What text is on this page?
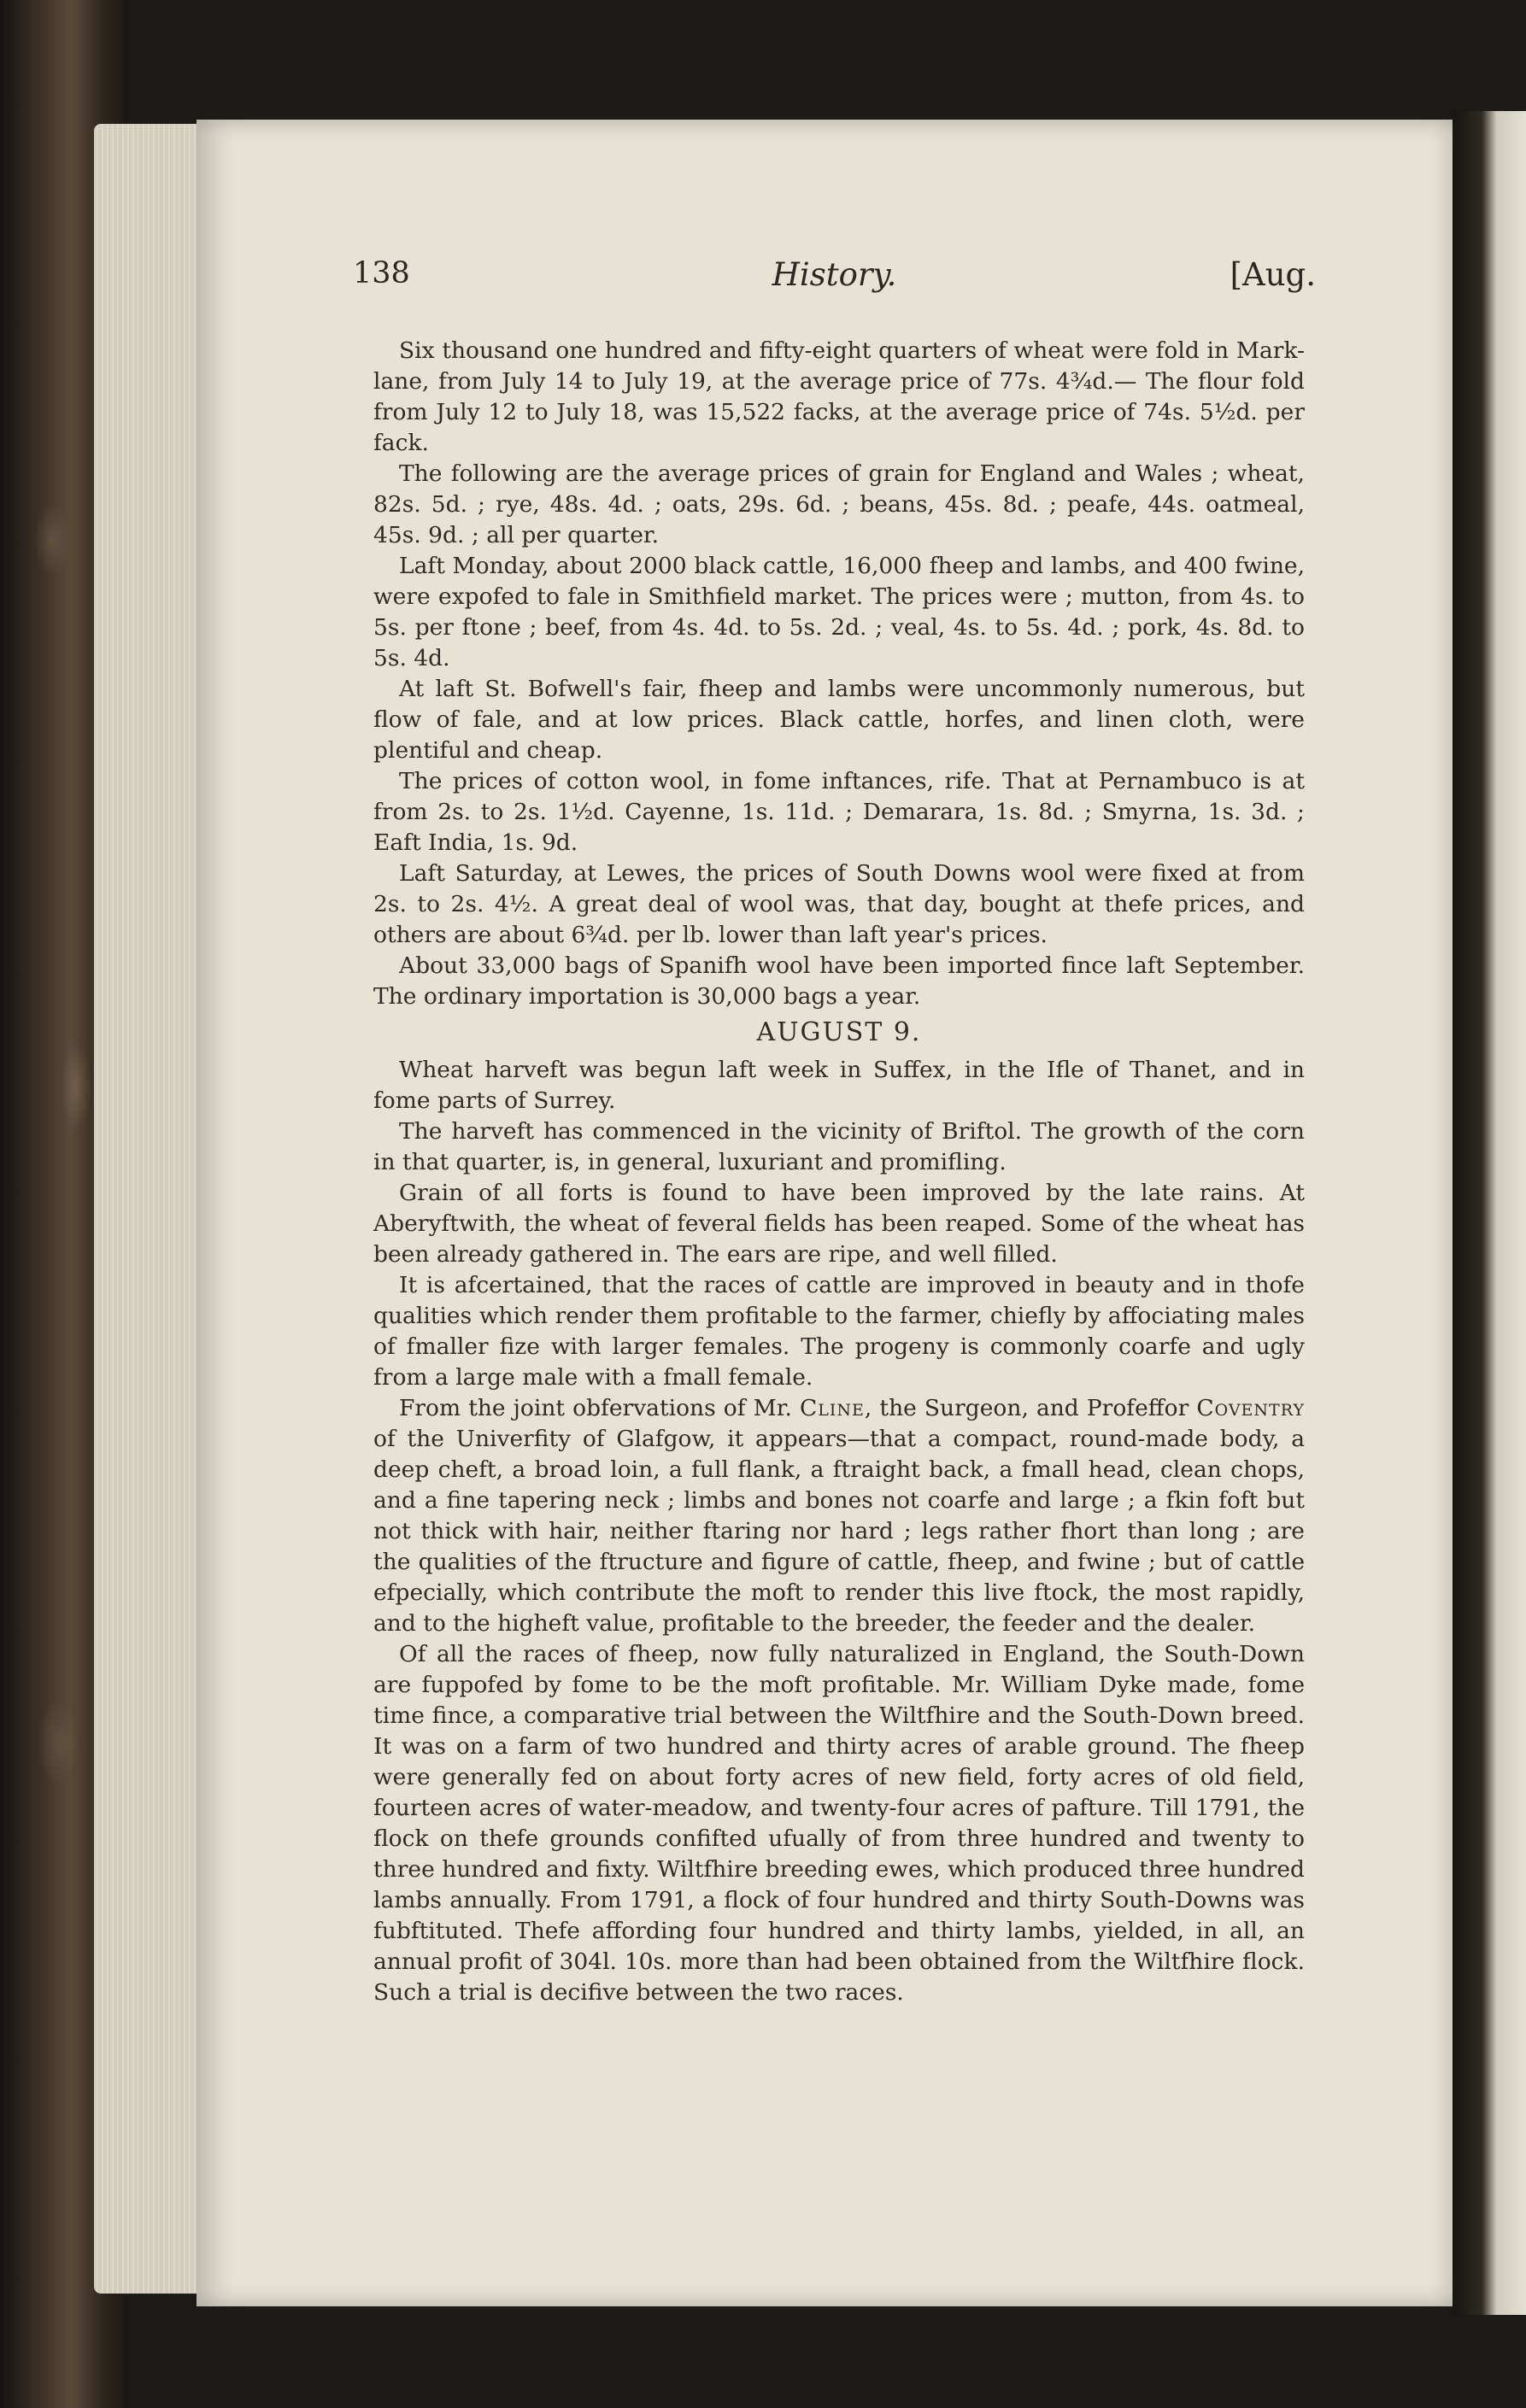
138	History.	[Aug.

Six thousand one hundred and fifty-eight quarters of wheat were fold in Mark-lane, from July 14 to July 19, at the average price of 77s. 4¾d.— The flour fold from July 12 to July 18, was 15,522 facks, at the average price of 74s. 5½d. per fack.

The following are the average prices of grain for England and Wales ; wheat, 82s. 5d. ; rye, 48s. 4d. ; oats, 29s. 6d. ; beans, 45s. 8d. ; peafe, 44s. oatmeal, 45s. 9d. ; all per quarter.

Laft Monday, about 2000 black cattle, 16,000 fheep and lambs, and 400 fwine, were expofed to fale in Smithfield market. The prices were ; mutton, from 4s. to 5s. per ftone ; beef, from 4s. 4d. to 5s. 2d. ; veal, 4s. to 5s. 4d. ; pork, 4s. 8d. to 5s. 4d.

At laft St. Bofwell's fair, fheep and lambs were uncommonly numerous, but flow of fale, and at low prices. Black cattle, horfes, and linen cloth, were plentiful and cheap.

The prices of cotton wool, in fome inftances, rife. That at Pernambuco is at from 2s. to 2s. 1½d. Cayenne, 1s. 11d. ; Demarara, 1s. 8d. ; Smyrna, 1s. 3d. ; Eaft India, 1s. 9d.

Laft Saturday, at Lewes, the prices of South Downs wool were fixed at from 2s. to 2s. 4½. A great deal of wool was, that day, bought at thefe prices, and others are about 6¾d. per lb. lower than laft year's prices.

About 33,000 bags of Spanifh wool have been imported fince laft September. The ordinary importation is 30,000 bags a year.

AUGUST 9.

Wheat harveft was begun laft week in Suffex, in the Ifle of Thanet, and in fome parts of Surrey.

The harveft has commenced in the vicinity of Briftol. The growth of the corn in that quarter, is, in general, luxuriant and promifling.

Grain of all forts is found to have been improved by the late rains. At Aberyftwith, the wheat of feveral fields has been reaped. Some of the wheat has been already gathered in. The ears are ripe, and well filled.

It is afcertained, that the races of cattle are improved in beauty and in thofe qualities which render them profitable to the farmer, chiefly by affociating males of fmaller fize with larger females. The progeny is commonly coarfe and ugly from a large male with a fmall female.

From the joint obfervations of Mr. Cline, the Surgeon, and Profeffor Coventry of the Univerfity of Glafgow, it appears—that a compact, round-made body, a deep cheft, a broad loin, a full flank, a ftraight back, a fmall head, clean chops, and a fine tapering neck ; limbs and bones not coarfe and large ; a fkin foft but not thick with hair, neither ftaring nor hard ; legs rather fhort than long ; are the qualities of the ftructure and figure of cattle, fheep, and fwine ; but of cattle efpecially, which contribute the moft to render this live ftock, the most rapidly, and to the higheft value, profitable to the breeder, the feeder and the dealer.

Of all the races of fheep, now fully naturalized in England, the South-Down are fuppofed by fome to be the moft profitable. Mr. William Dyke made, fome time fince, a comparative trial between the Wiltfhire and the South-Down breed. It was on a farm of two hundred and thirty acres of arable ground. The fheep were generally fed on about forty acres of new field, forty acres of old field, fourteen acres of water-meadow, and twenty-four acres of pafture. Till 1791, the flock on thefe grounds confifted ufually of from three hundred and twenty to three hundred and fixty. Wiltfhire breeding ewes, which produced three hundred lambs annually. From 1791, a flock of four hundred and thirty South-Downs was fubftituted. Thefe affording four hundred and thirty lambs, yielded, in all, an annual profit of 304l. 10s. more than had been obtained from the Wiltfhire flock. Such a trial is decifive between the two races.
